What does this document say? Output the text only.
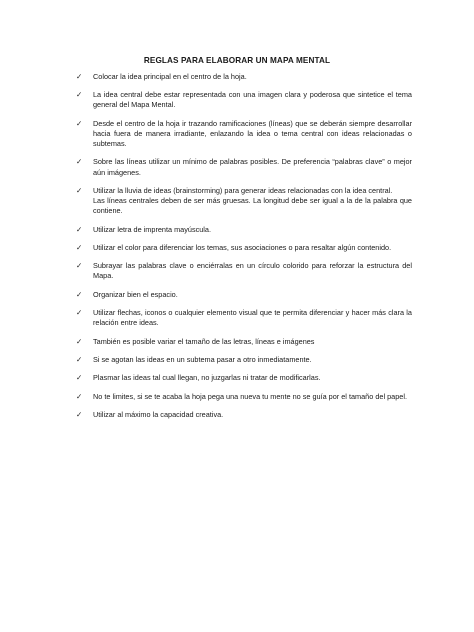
REGLAS PARA ELABORAR UN MAPA MENTAL
✓ Colocar la idea principal en el centro de la hoja.
✓ La idea central debe estar representada con una imagen clara y poderosa que sintetice el tema general del Mapa Mental.
✓ Desde el centro de la hoja ir trazando ramificaciones (líneas) que se deberán siempre desarrollar hacia fuera de manera irradiante, enlazando la idea o tema central con ideas relacionadas o subtemas.
✓ Sobre las líneas utilizar un mínimo de palabras posibles. De preferencia “palabras clave” o mejor aún imágenes.
✓ Utilizar la lluvia de ideas (brainstorming) para generar ideas relacionadas con la idea central.
Las líneas centrales deben de ser más gruesas. La longitud debe ser igual a la de la palabra que contiene.
✓ Utilizar letra de imprenta mayúscula.
✓ Utilizar el color para diferenciar los temas, sus asociaciones o para resaltar algún contenido.
✓ Subrayar las palabras clave o enciérralas en un círculo colorido para reforzar la estructura del Mapa.
✓ Organizar bien el espacio.
✓ Utilizar flechas, iconos o cualquier elemento visual que te permita diferenciar y hacer más clara la relación entre ideas.
✓ También es posible variar el tamaño de las letras, líneas e imágenes
✓ Si se agotan las ideas en un subtema pasar a otro inmediatamente.
✓ Plasmar las ideas tal cual llegan, no juzgarlas ni tratar de modificarlas.
✓ No te limites, si se te acaba la hoja pega una nueva tu mente no se guía por el tamaño del papel.
✓ Utilizar al máximo la capacidad creativa.
